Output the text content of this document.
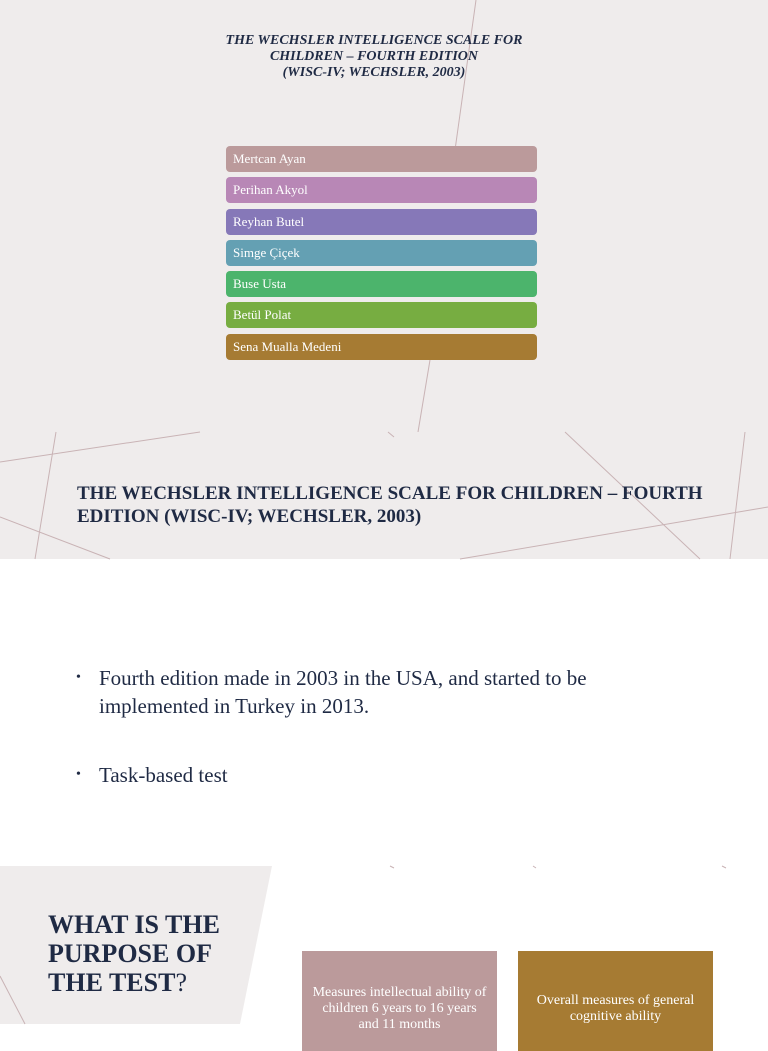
THE WECHSLER INTELLIGENCE SCALE FOR
CHILDREN – FOURTH EDITION
(WISC-IV; WECHSLER, 2003)
Mertcan Ayan
Perihan Akyol
Reyhan Butel
Simge Çiçek
Buse Usta
Betül Polat
Sena Mualla Medeni
THE WECHSLER INTELLIGENCE SCALE FOR CHILDREN – FOURTH EDITION (WISC-IV; WECHSLER, 2003)
• Fourth edition made in 2003 in the USA, and started to be implemented in Turkey in 2013.
• Task-based test
WHAT IS THE PURPOSE OF THE TEST?	Measures intellectual ability of children 6 years to 16 years and 11 months
Overall measures of general cognitive ability
